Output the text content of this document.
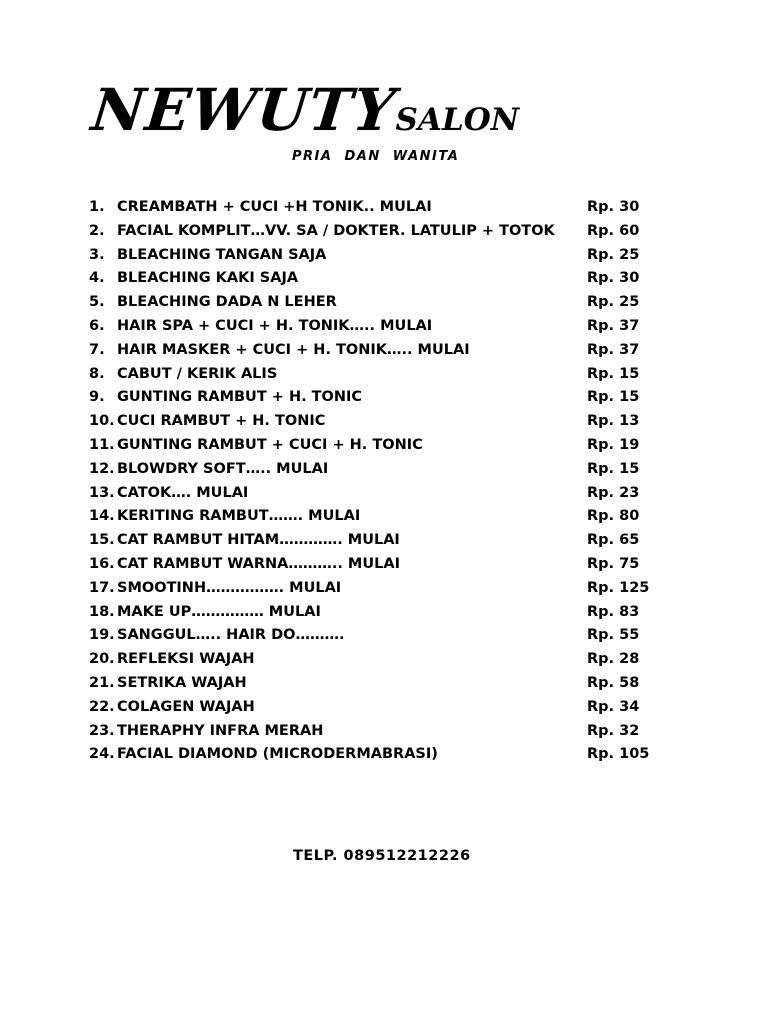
NEWUTYSALON
PRIA DAN WANITA
1. CREAMBATH + CUCI +H TONIK.. MULAI	Rp. 30
2. FACIAL KOMPLIT…VV. SA / DOKTER. LATULIP + TOTOK Rp. 60
3. BLEACHING TANGAN SAJA	Rp. 25
4. BLEACHING KAKI SAJA	Rp. 30
5. BLEACHING DADA N LEHER	Rp. 25
6. HAIR SPA + CUCI + H. TONIK….. MULAI	Rp. 37
7. HAIR MASKER + CUCI + H. TONIK….. MULAI	Rp. 37
8. CABUT / KERIK ALIS	Rp. 15
9. GUNTING RAMBUT + H. TONIC	Rp. 15
10. CUCI RAMBUT + H. TONIC	Rp. 13
11. GUNTING RAMBUT + CUCI + H. TONIC	Rp. 19
12. BLOWDRY SOFT….. MULAI	Rp. 15
13. CATOK…. MULAI	Rp. 23
14. KERITING RAMBUT……. MULAI	Rp. 80
15. CAT RAMBUT HITAM…………. MULAI	Rp. 65
16. CAT RAMBUT WARNA……….. MULAI	Rp. 75
17. SMOOTINH……………. MULAI	Rp. 125
18. MAKE UP…………… MULAI	Rp. 83
19. SANGGUL….. HAIR DO……….	Rp. 55
20. REFLEKSI WAJAH	Rp. 28
21. SETRIKA WAJAH	Rp. 58
22. COLAGEN WAJAH	Rp. 34
23. THERAPHY INFRA MERAH	Rp. 32
24. FACIAL DIAMOND (MICRODERMABRASI)	Rp. 105
TELP. 089512212226
